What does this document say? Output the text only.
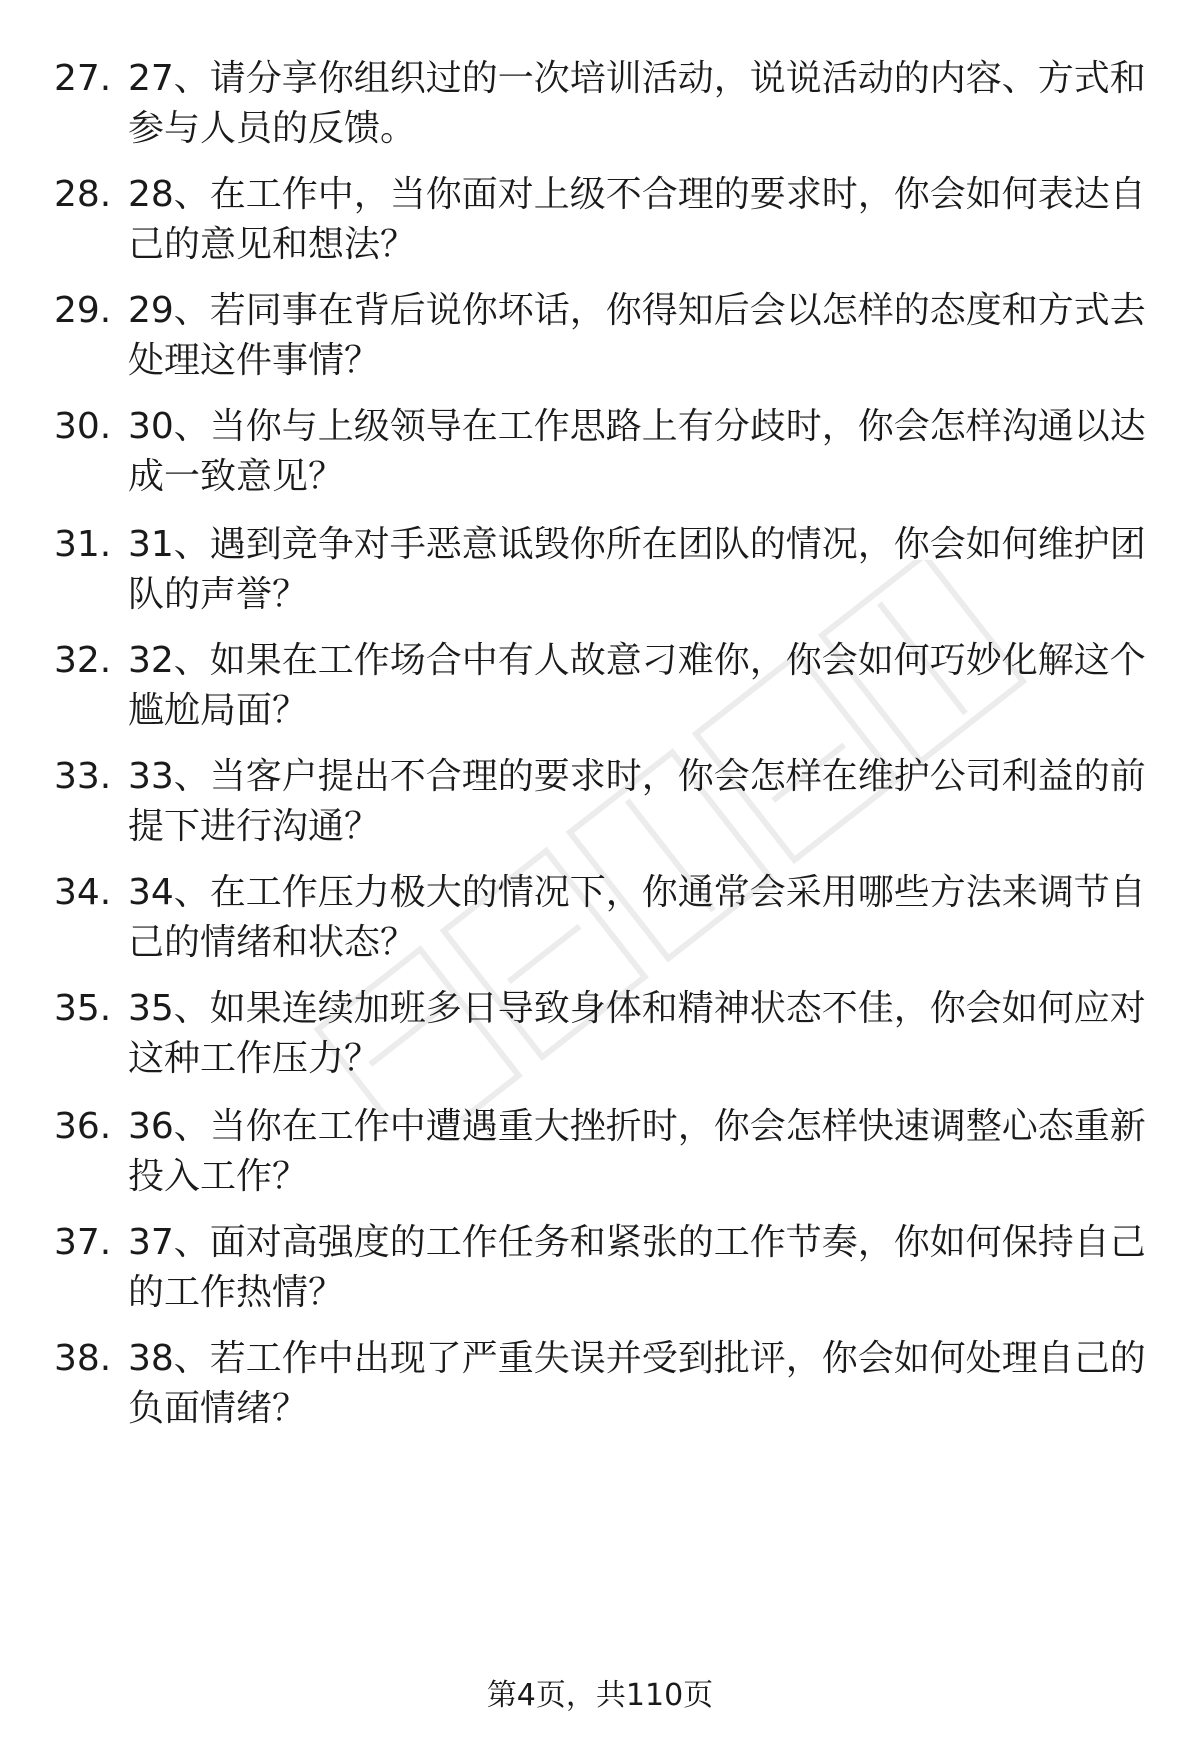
27. 27、请分享你组织过的一次培训活动，说说活动的内容、方式和参与人员的反馈。
28. 28、在工作中，当你面对上级不合理的要求时，你会如何表达自己的意见和想法？
29. 29、若同事在背后说你坏话，你得知后会以怎样的态度和方式去处理这件事情？
30. 30、当你与上级领导在工作思路上有分歧时，你会怎样沟通以达成一致意见？
31. 31、遇到竞争对手恶意诋毁你所在团队的情况，你会如何维护团队的声誉？
32. 32、如果在工作场合中有人故意刁难你，你会如何巧妙化解这个尴尬局面？
33. 33、当客户提出不合理的要求时，你会怎样在维护公司利益的前提下进行沟通？
34. 34、在工作压力极大的情况下，你通常会采用哪些方法来调节自己的情绪和状态？
35. 35、如果连续加班多日导致身体和精神状态不佳，你会如何应对这种工作压力？
36. 36、当你在工作中遭遇重大挫折时，你会怎样快速调整心态重新投入工作？
37. 37、面对高强度的工作任务和紧张的工作节奏，你如何保持自己的工作热情？
38. 38、若工作中出现了严重失误并受到批评，你会如何处理自己的负面情绪？
第4页，共110页
